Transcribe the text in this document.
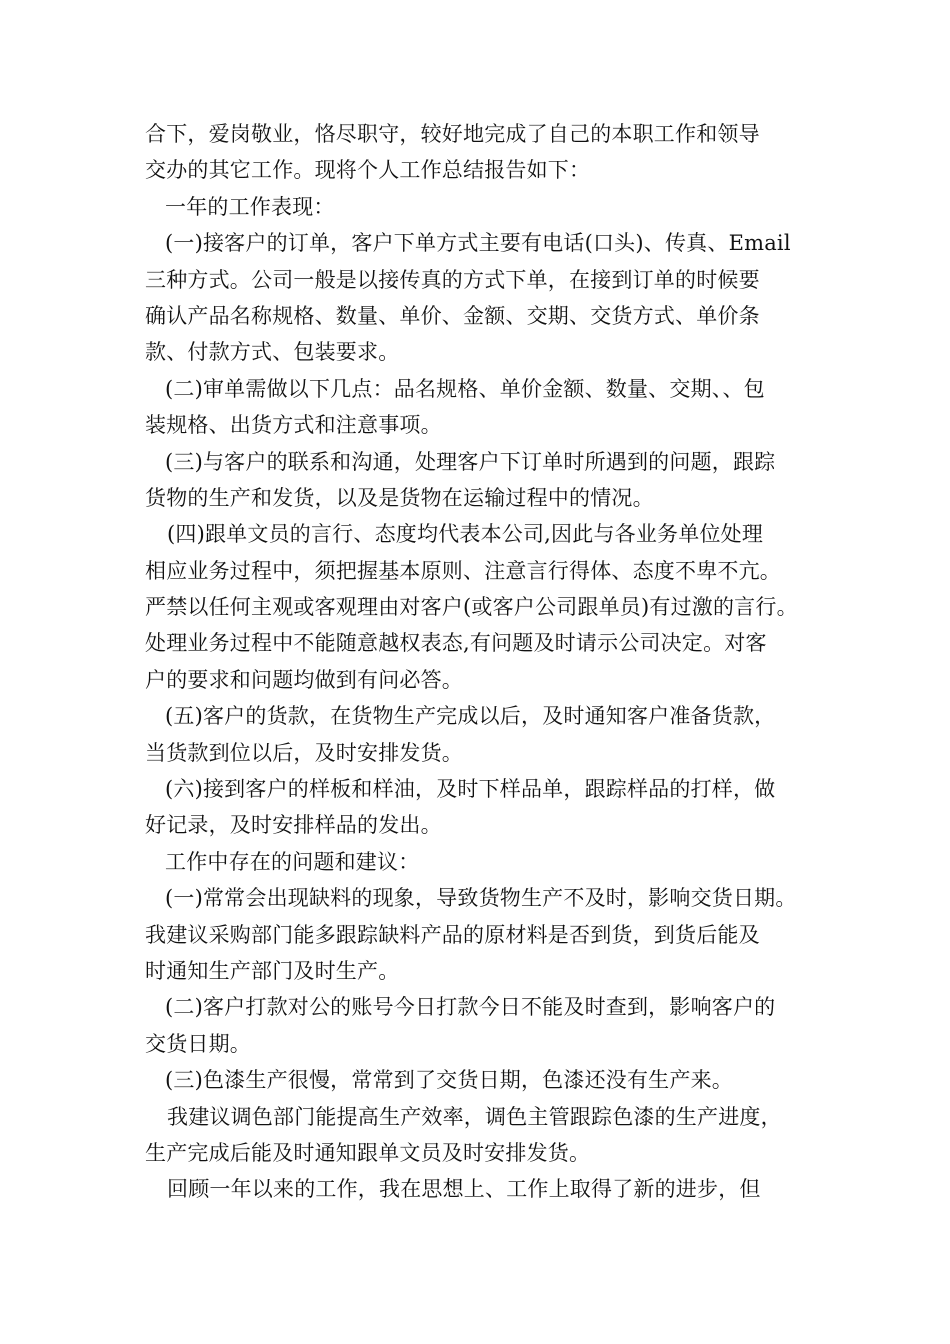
合下，爱岗敬业，恪尽职守，较好地完成了自己的本职工作和领导
交办的其它工作。现将个人工作总结报告如下：
一年的工作表现：
(一)接客户的订单，客户下单方式主要有电话(口头)、传真、Email
三种方式。公司一般是以接传真的方式下单，在接到订单的时候要
确认产品名称规格、数量、单价、金额、交期、交货方式、单价条
款、付款方式、包装要求。
(二)审单需做以下几点：品名规格、单价金额、数量、交期、、包
装规格、出货方式和注意事项。
(三)与客户的联系和沟通，处理客户下订单时所遇到的问题，跟踪
货物的生产和发货，以及是货物在运输过程中的情况。
(四)跟单文员的言行、态度均代表本公司,因此与各业务单位处理
相应业务过程中，须把握基本原则、注意言行得体、态度不卑不亢。
严禁以任何主观或客观理由对客户(或客户公司跟单员)有过激的言行。
处理业务过程中不能随意越权表态,有问题及时请示公司决定。对客
户的要求和问题均做到有问必答。
(五)客户的货款，在货物生产完成以后，及时通知客户准备货款，
当货款到位以后，及时安排发货。
(六)接到客户的样板和样油，及时下样品单，跟踪样品的打样，做
好记录，及时安排样品的发出。
工作中存在的问题和建议：
(一)常常会出现缺料的现象，导致货物生产不及时，影响交货日期。
我建议采购部门能多跟踪缺料产品的原材料是否到货，到货后能及
时通知生产部门及时生产。
(二)客户打款对公的账号今日打款今日不能及时查到，影响客户的
交货日期。
(三)色漆生产很慢，常常到了交货日期，色漆还没有生产来。
我建议调色部门能提高生产效率，调色主管跟踪色漆的生产进度，
生产完成后能及时通知跟单文员及时安排发货。
回顾一年以来的工作，我在思想上、工作上取得了新的进步，但
